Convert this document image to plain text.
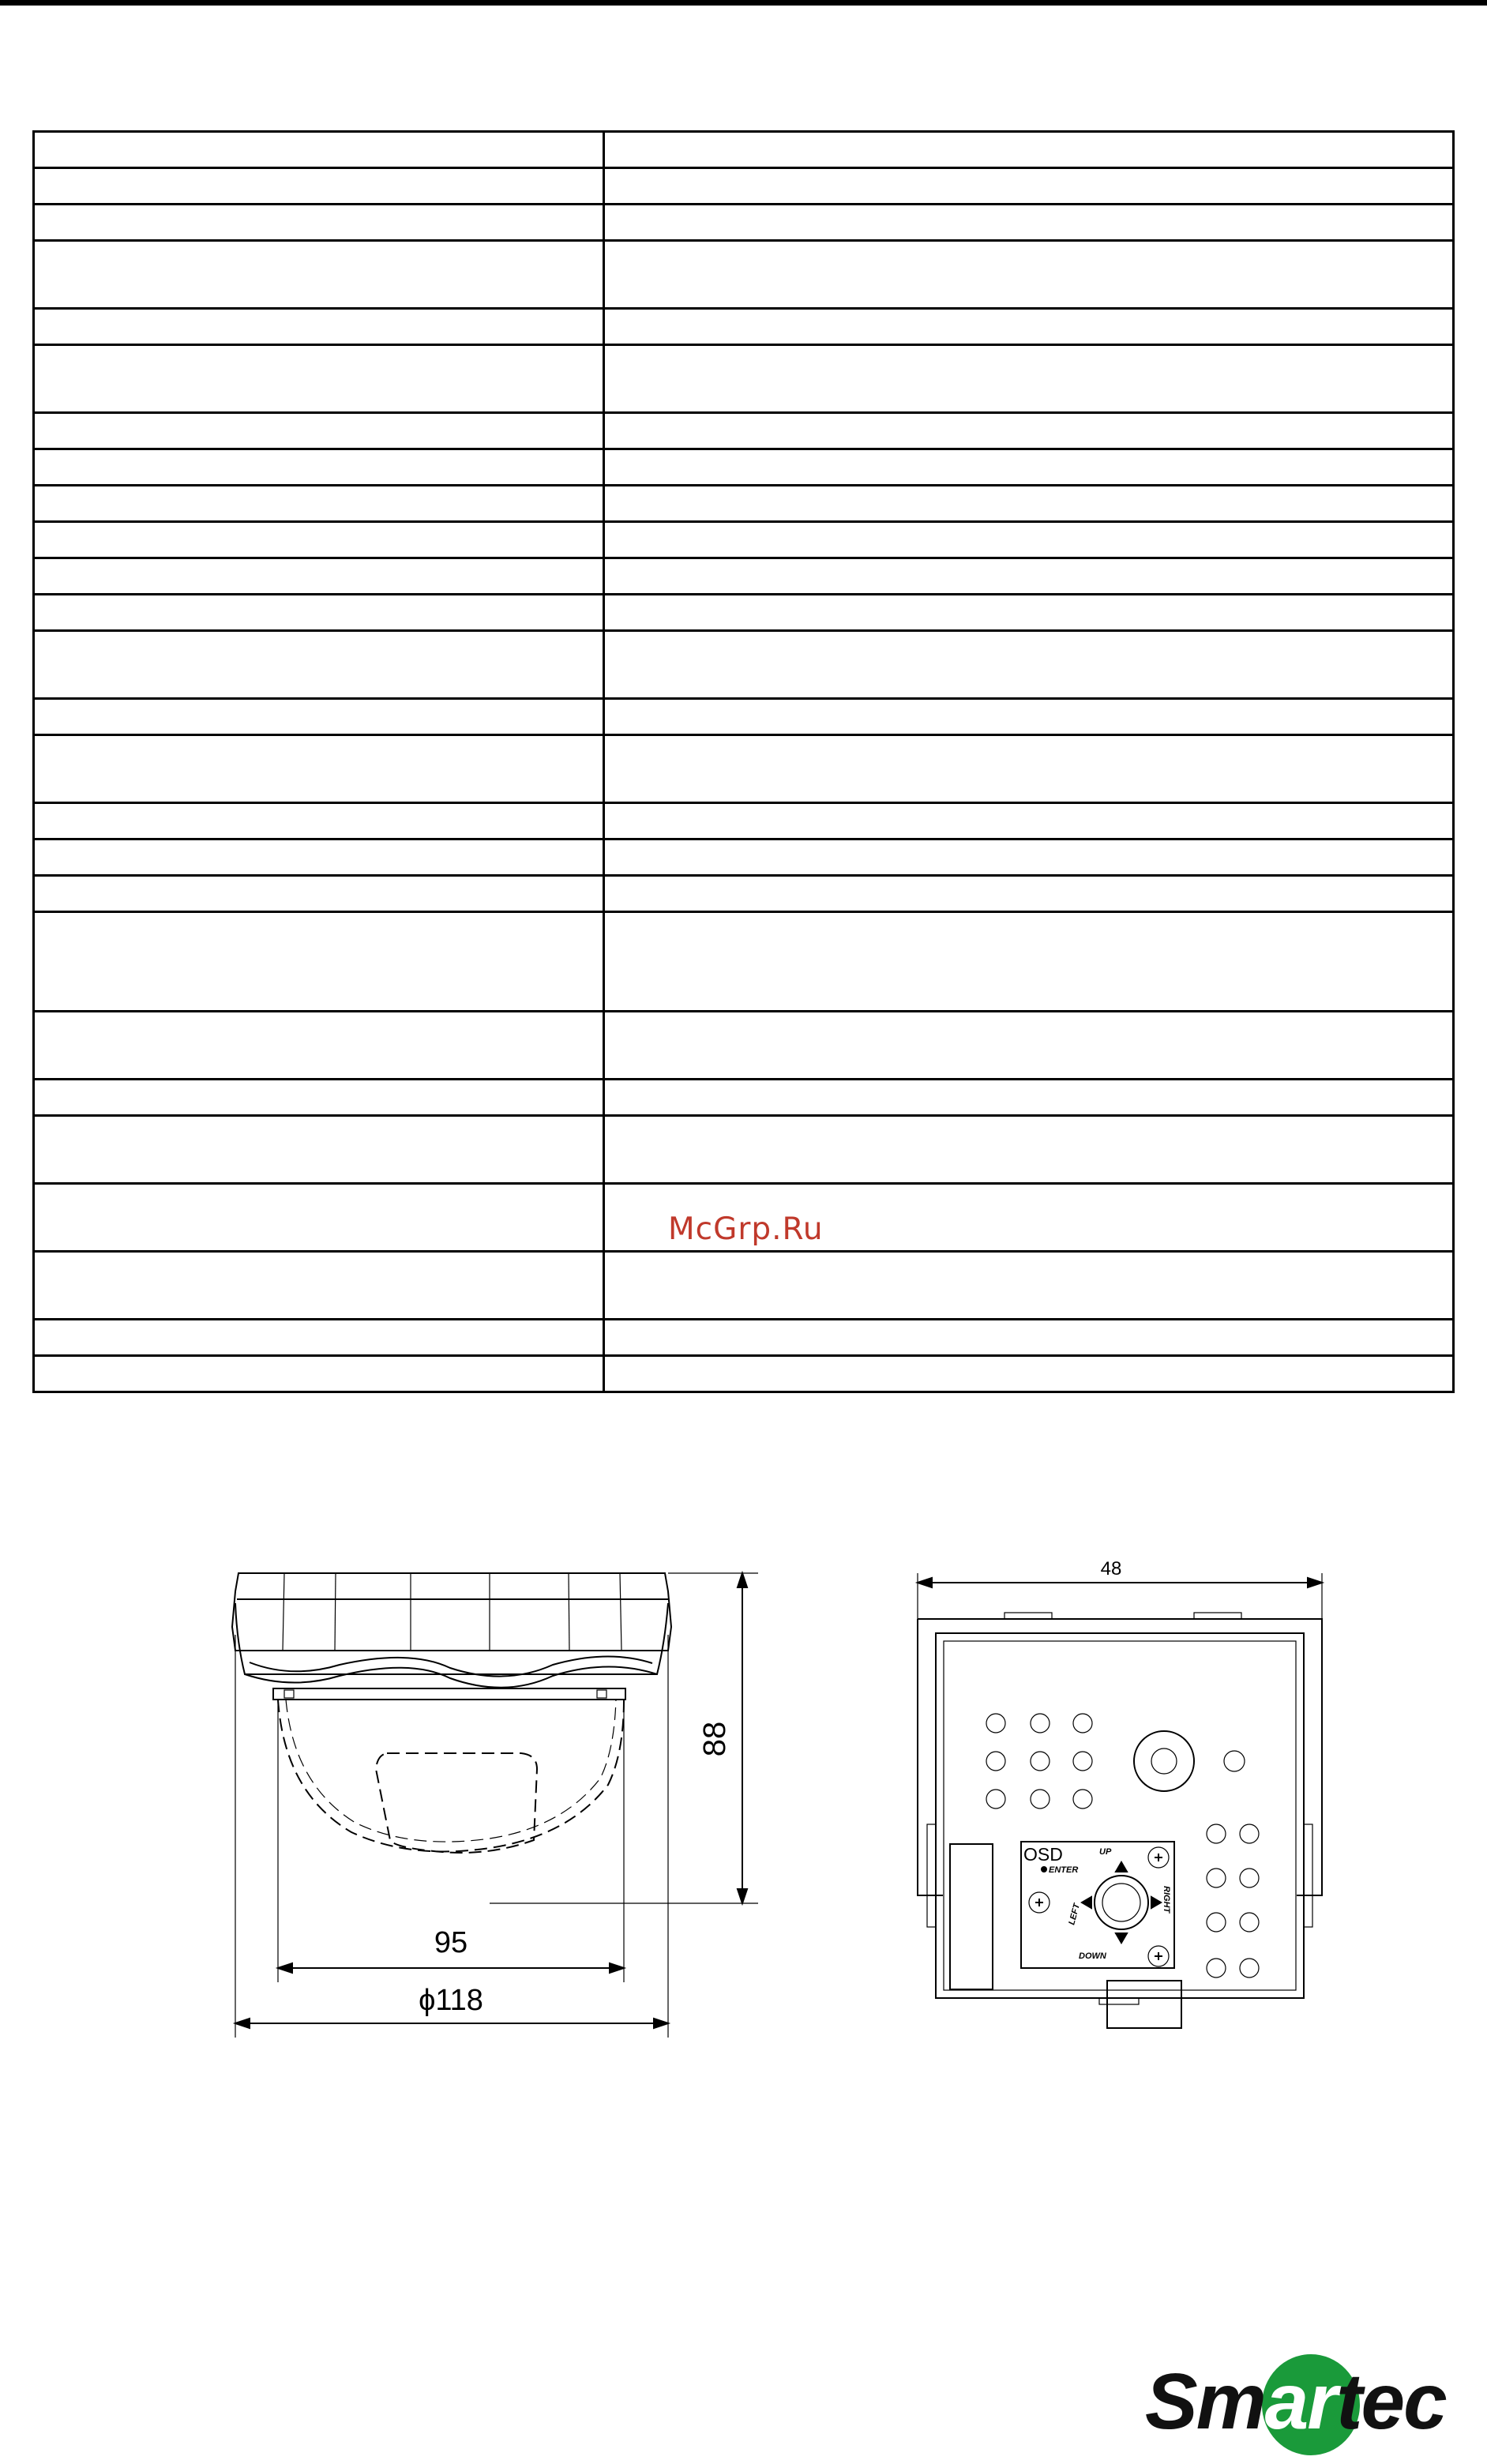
McGrp.Ru
88
95
ϕ118
48
OSD
ENTER
UP
DOWN
LEFT
RIGHT
Smartec
